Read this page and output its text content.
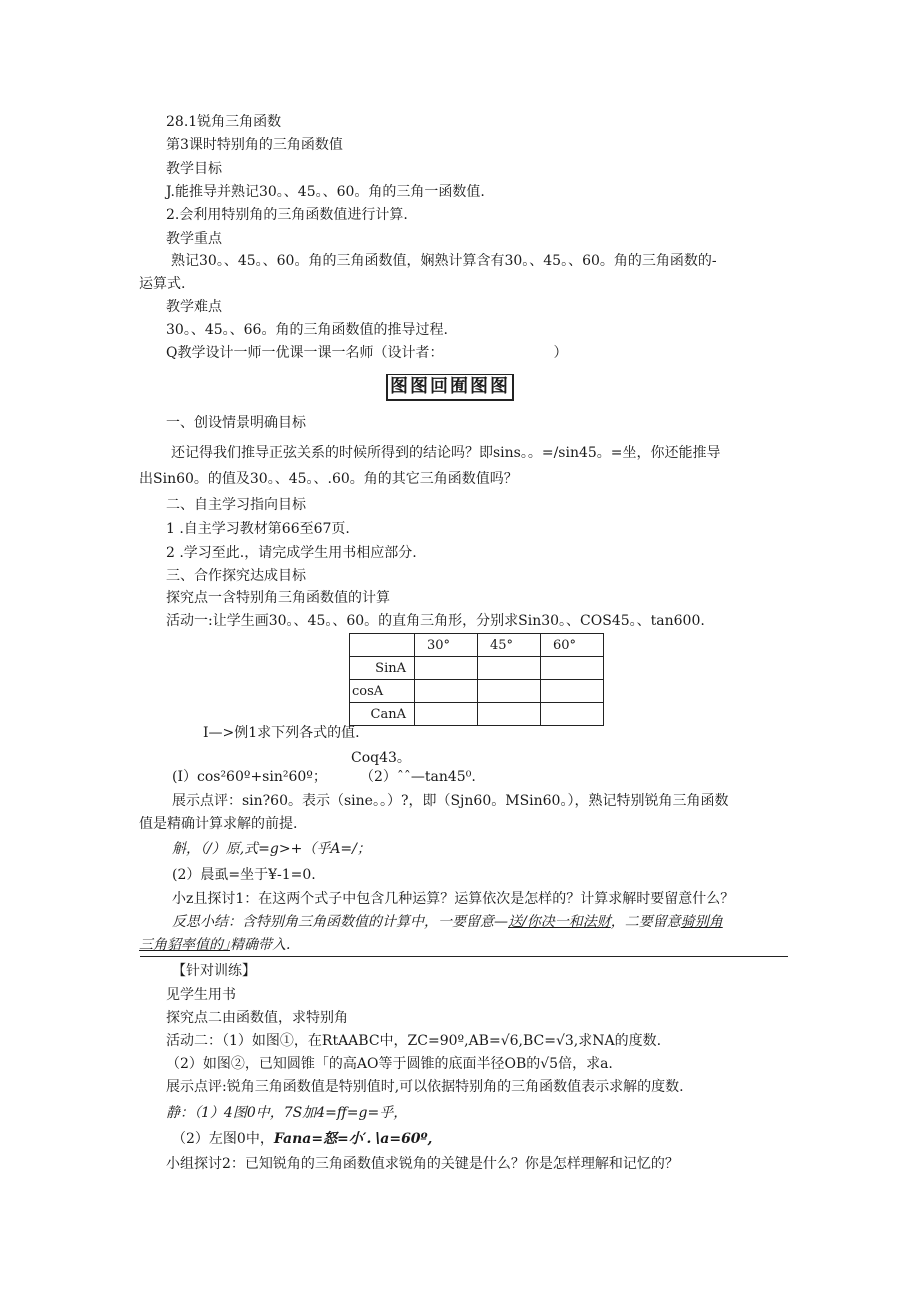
28.1锐角三角函数
第3课时特别角的三角函数值
教学目标
J.能推导并熟记30。、45。、60。角的三角一函数值.
2.会利用特别角的三角函数值进行计算.
教学重点
熟记30。、45。、60。角的三角函数值，娴熟计算含有30。、45。、60。角的三角函数的-
运算式.
教学难点
30。、45。、66。角的三角函数值的推导过程.
Q教学设计一师一优课一课一名师（设计者：	）
图图回囿图图
一、创设情景明确目标
还记得我们推导正弦关系的时候所得到的结论吗？即sins。。=/sin45。=坐，你还能推导
出Sin60。的值及30。、45。、.60。角的其它三角函数值吗？
二、自主学习指向目标
1 .自主学习教材第66至67页.
2 .学习至此.，请完成学生用书相应部分.
三、合作探究达成目标
探究点一含特别角三角函数值的计算
活动一:让学生画30。、45。、60。的直角三角形，分别求Sin30。、COS45。、tan600.
	30°	45°	60°
SinA			
cosA			
CanA			
I—>例1求下列各式的值.
Coq43。
(I）cos²60º+sin²60º； （2）ˆˆ—tan45⁰.
展示点评：sin?60。表示（sine。。）?，即（Sjn60。MSin60。），熟记特别锐角三角函数
值是精确计算求解的前提.
斛，（/）原,式=g>+（乎A=/；
(2）晨虱=坐于¥-1=0.
小z且探讨1：在这两个式子中包含几种运算？运算依次是怎样的？计算求解时要留意什么？
反思小结：含特别角三角函数值的计算中，一要留意—送/你决一和法财，二要留意骑别角
三角貂率值的｣精确带入.
【针对训练】
见学生用书
探究点二由函数值，求特别角
活动二：（1）如图①，在RtAABC中，ZC=90º,AB=√6,BC=√3,求NA的度数.
（2）如图②，已知圆锥「的高AO等于圆锥的底面半径OB的√5倍，求a.
展示点评:锐角三角函数值是特别值时,可以依据特别角的三角函数值表示求解的度数.
静：（1）4图0中，7S加4=ff=g=乎，
（2）左图0中，Fana=怒=小′.∖a=60º,
小组探讨2：已知锐角的三角函数值求锐角的关键是什么？你是怎样理解和记忆的？
